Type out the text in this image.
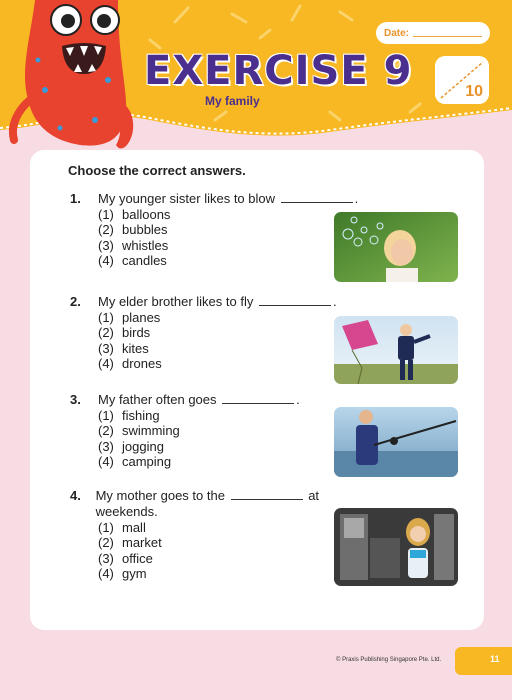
EXERCISE 9
My family
Date:
10
Choose the correct answers.
1.	My younger sister likes to blow	.
(1) balloons
(2) bubbles
(3) whistles
(4) candles
2.	My elder brother likes to fly	.
(1) planes
(2) birds
(3) kites
(4) drones
3.	My father often goes	.
(1) fishing
(2) swimming
(3) jogging
(4) camping
4.	My mother goes to the	at weekends.
(1) mall
(2) market
(3) office
(4) gym
© Praxis Publishing Singapore Pte. Ltd.	11
